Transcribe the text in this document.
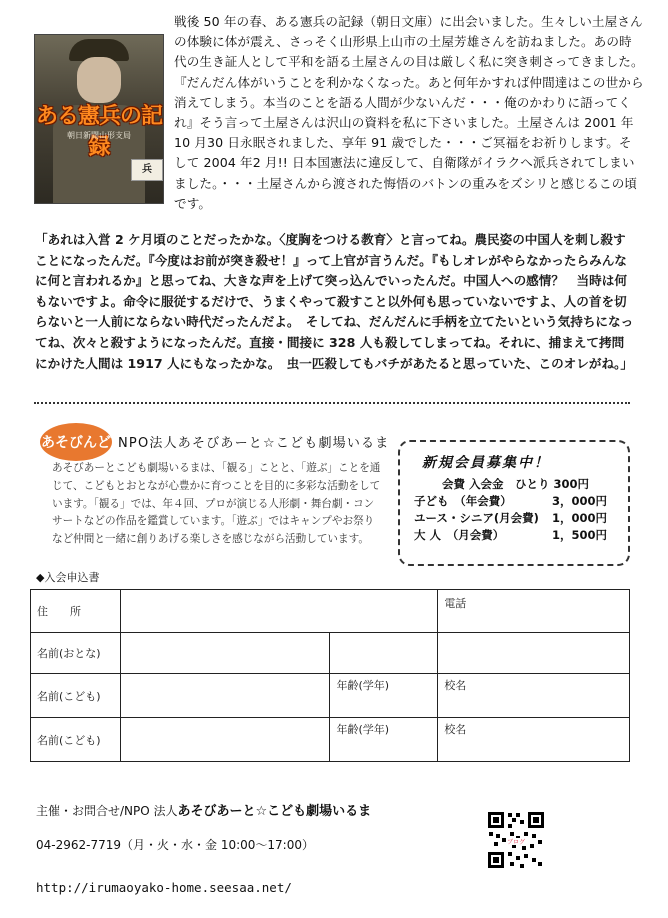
ある憲兵の記録
朝日新聞山形支局
兵
戦後 50 年の春、ある憲兵の記録（朝日文庫）に出会いました。生々しい土屋さんの体験に体が震え、さっそく山形県上山市の土屋芳雄さんを訪ねました。あの時代の生き証人として平和を語る土屋さんの目は厳しく私に突き刺さってきました。『だんだん体がいうことを利かなくなった。あと何年かすれば仲間達はこの世から消えてしまう。本当のことを語る人間が少ないんだ・・・俺のかわりに語ってくれ』そう言って土屋さんは沢山の資料を私に下さいました。土屋さんは 2001 年 10 月30 日永眠されました、享年 91 歳でした・・・ご冥福をお祈りします。そして 2004 年2 月!! 日本国憲法に違反して、自衛隊がイラクへ派兵されてしまいました。・・・土屋さんから渡された悔悟のバトンの重みをズシリと感じるこの頃です。
「あれは入営 2 ケ月頃のことだったかな。〈度胸をつける教育〉と言ってね。農民姿の中国人を刺し殺すことになったんだ。『今度はお前が突き殺せ！』って上官が言うんだ。『もしオレがやらなかったらみんなに何と言われるか』と思ってね、大きな声を上げて突っ込んでいったんだ。中国人への感情？　当時は何もないですよ。命令に服従するだけで、うまくやって殺すこと以外何も思っていないですよ、人の首を切らないと一人前にならない時代だったんだよ。　そしてね、だんだんに手柄を立てたいという気持ちになってね、次々と殺すようになったんだ。直接・間接に 328 人も殺してしまってね。それに、捕まえて拷問にかけた人間は 1917 人にもなったかな。　虫一匹殺してもバチがあたると思っていた、このオレがね。」
あそびんど NPO法人あそびあーと☆こども劇場いるま
あそびあーとこども劇場いるまは、「観る」ことと、「遊ぶ」ことを通じて、こどもとおとなが心豊かに育つことを目的に多彩な活動をしています。「観る」では、年４回、プロが演じる人形劇・舞台劇・コンサートなどの作品を鑑賞しています。「遊ぶ」ではキャンプやお祭りなど仲間と一緒に創りあげる楽しさを感じながら活動しています。
新規会員募集中！
会費 入会金　ひとり 300円
子ども　（年会費）	3，000円
ユース・シニア(月会費)	1，000円
大 人　（月会費）	1，500円
◆入会申込書
住　　所			電話
名前(おとな)			
名前(こども)		年齢(学年)	校名
名前(こども)		年齢(学年)	校名
主催・お問合せ/NPO 法人あそびあーと☆こども劇場いるま
04-2962-7719（月・火・水・金 10:00～17:00）
http://irumaoyako-home.seesaa.net/
ブログ
